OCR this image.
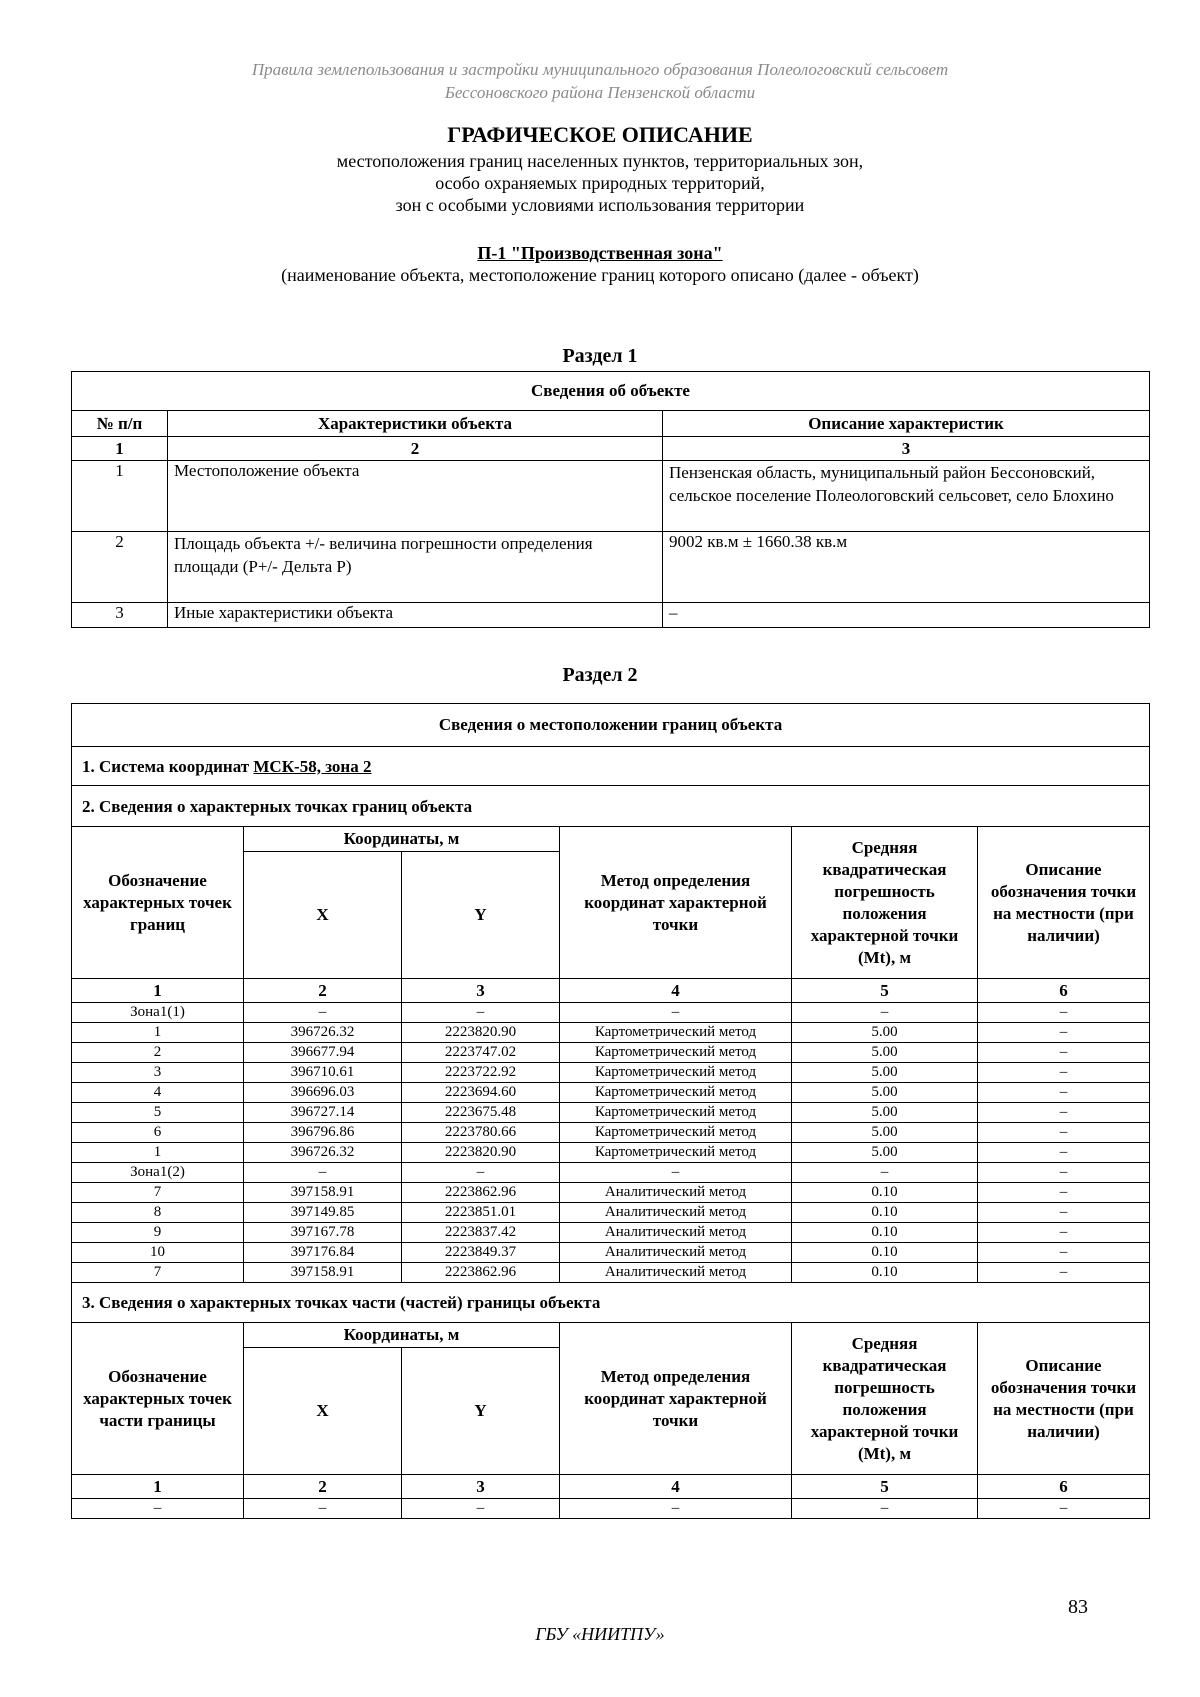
Правила землепользования и застройки муниципального образования Полеологовский сельсовет
Бессоновского района Пензенской области
ГРАФИЧЕСКОЕ ОПИСАНИЕ
местоположения границ населенных пунктов, территориальных зон,
особо охраняемых природных территорий,
зон с особыми условиями использования территории
П-1 "Производственная зона"
(наименование объекта, местоположение границ которого описано (далее - объект)
Раздел 1
Сведения об объекте		
№ п/п	Характеристики объекта	Описание характеристик
1	2	3
1	Местоположение объекта	Пензенская область, муниципальный район Бессоновский, сельское поселение Полеологовский сельсовет, село Блохино
2	Площадь объекта +/- величина погрешности определения площади (P+/- Дельта P)	9002 кв.м ± 1660.38 кв.м
3	Иные характеристики объекта	–
Раздел 2
Сведения о местоположении границ объекта					
1. Система координат МСК-58, зона 2					
2. Сведения о характерных точках границ объекта					
Обозначение характерных точек границ	Координаты, м		Метод определения координат характерной точки	Средняя квадратическая погрешность положения характерной точки (Mt), м	Описание обозначения точки на местности (при наличии)
	X	Y			
1	2	3	4	5	6
Зона1(1)	–	–	–	–	–
1	396726.32	2223820.90	Картометрический метод	5.00	–
2	396677.94	2223747.02	Картометрический метод	5.00	–
3	396710.61	2223722.92	Картометрический метод	5.00	–
4	396696.03	2223694.60	Картометрический метод	5.00	–
5	396727.14	2223675.48	Картометрический метод	5.00	–
6	396796.86	2223780.66	Картометрический метод	5.00	–
1	396726.32	2223820.90	Картометрический метод	5.00	–
Зона1(2)	–	–	–	–	–
7	397158.91	2223862.96	Аналитический метод	0.10	–
8	397149.85	2223851.01	Аналитический метод	0.10	–
9	397167.78	2223837.42	Аналитический метод	0.10	–
10	397176.84	2223849.37	Аналитический метод	0.10	–
7	397158.91	2223862.96	Аналитический метод	0.10	–
3. Сведения о характерных точках части (частей) границы объекта					
Обозначение характерных точек части границы	Координаты, м		Метод определения координат характерной точки	Средняя квадратическая погрешность положения характерной точки (Mt), м	Описание обозначения точки на местности (при наличии)
	X	Y			
1	2	3	4	5	6
–	–	–	–	–	–
83
ГБУ «НИИТПУ»
